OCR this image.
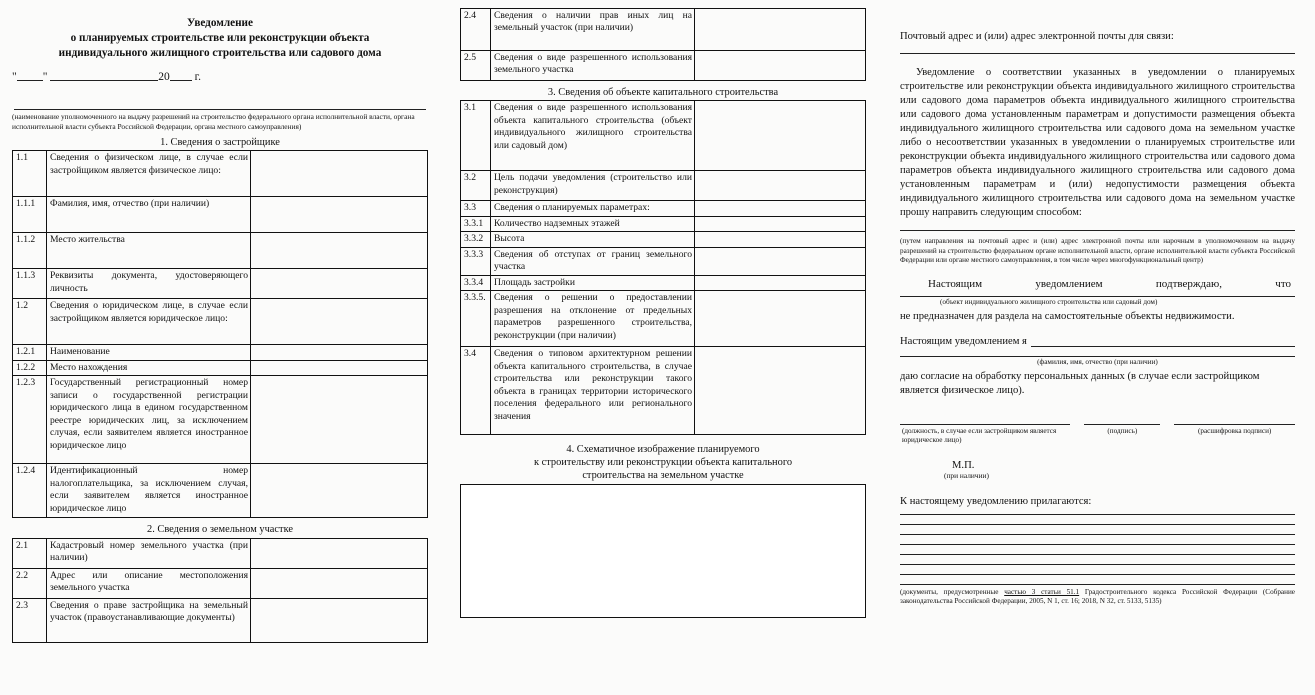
Уведомление
о планируемых строительстве или реконструкции объекта
индивидуального жилищного строительства или садового дома
" "	20 г.
(наименование уполномоченного на выдачу разрешений на строительство федерального органа исполнительной власти, органа исполнительной власти субъекта Российской Федерации, органа местного самоуправления)
1. Сведения о застройщике
1.1	Сведения о физическом лице, в случае если застройщиком является физическое лицо:	
1.1.1	Фамилия, имя, отчество (при наличии)	
1.1.2	Место жительства	
1.1.3	Реквизиты документа, удостоверяющего личность	
1.2	Сведения о юридическом лице, в случае если застройщиком является юридическое лицо:	
1.2.1	Наименование	
1.2.2	Место нахождения	
1.2.3	Государственный регистрационный номер записи о государственной регистрации юридического лица в едином государственном реестре юридических лиц, за исключением случая, если заявителем является иностранное юридическое лицо	
1.2.4	Идентификационный номер налогоплательщика, за исключением случая, если заявителем является иностранное юридическое лицо	
2. Сведения о земельном участке
2.1	Кадастровый номер земельного участка (при наличии)	
2.2	Адрес или описание местоположения земельного участка	
2.3	Сведения о праве застройщика на земельный участок (правоустанавливающие документы)	
2.4	Сведения о наличии прав иных лиц на земельный участок (при наличии)	
2.5	Сведения о виде разрешенного использования земельного участка	
3. Сведения об объекте капитального строительства
3.1	Сведения о виде разрешенного использования объекта капитального строительства (объект индивидуального жилищного строительства или садовый дом)	
3.2	Цель подачи уведомления (строительство или реконструкция)	
3.3	Сведения о планируемых параметрах:	
3.3.1	Количество надземных этажей	
3.3.2	Высота	
3.3.3	Сведения об отступах от границ земельного участка	
3.3.4	Площадь застройки	
3.3.5.	Сведения о решении о предоставлении разрешения на отклонение от предельных параметров разрешенного строительства, реконструкции (при наличии)	
3.4	Сведения о типовом архитектурном решении объекта капитального строительства, в случае строительства или реконструкции такого объекта в границах территории исторического поселения федерального или регионального значения	
4. Схематичное изображение планируемого
к строительству или реконструкции объекта капитального
строительства на земельном участке
Почтовый адрес и (или) адрес электронной почты для связи:
Уведомление о соответствии указанных в уведомлении о планируемых строительстве или реконструкции объекта индивидуального жилищного строительства или садового дома параметров объекта индивидуального жилищного строительства или садового дома установленным параметрам и допустимости размещения объекта индивидуального жилищного строительства или садового дома на земельном участке либо о несоответствии указанных в уведомлении о планируемых строительстве или реконструкции объекта индивидуального жилищного строительства или садового дома параметров объекта индивидуального жилищного строительства или садового дома установленным параметрам и (или) недопустимости размещения объекта индивидуального жилищного строительства или садового дома на земельном участке прошу направить следующим способом:
(путем направления на почтовый адрес и (или) адрес электронной почты или нарочным в уполномоченном на выдачу разрешений на строительство федеральном органе исполнительной власти, органе исполнительной власти субъекта Российской Федерации или органе местного самоуправления, в том числе через многофункциональный центр)
Настоящим	уведомлением	подтверждаю,	что
(объект индивидуального жилищного строительства или садовый дом)
не предназначен для раздела на самостоятельные объекты недвижимости.
Настоящим уведомлением я
(фамилия, имя, отчество (при наличии)
даю согласие на обработку персональных данных (в случае если застройщиком является физическое лицо).
(должность, в случае если застройщиком является юридическое лицо)
(подпись)	(расшифровка подписи)
М.П.
(при наличии)
К настоящему уведомлению прилагаются:
(документы, предусмотренные частью 3 статьи 51.1 Градостроительного кодекса Российской Федерации (Собрание законодательства Российской Федерации, 2005, N 1, ст. 16; 2018, N 32, ст. 5133, 5135)
